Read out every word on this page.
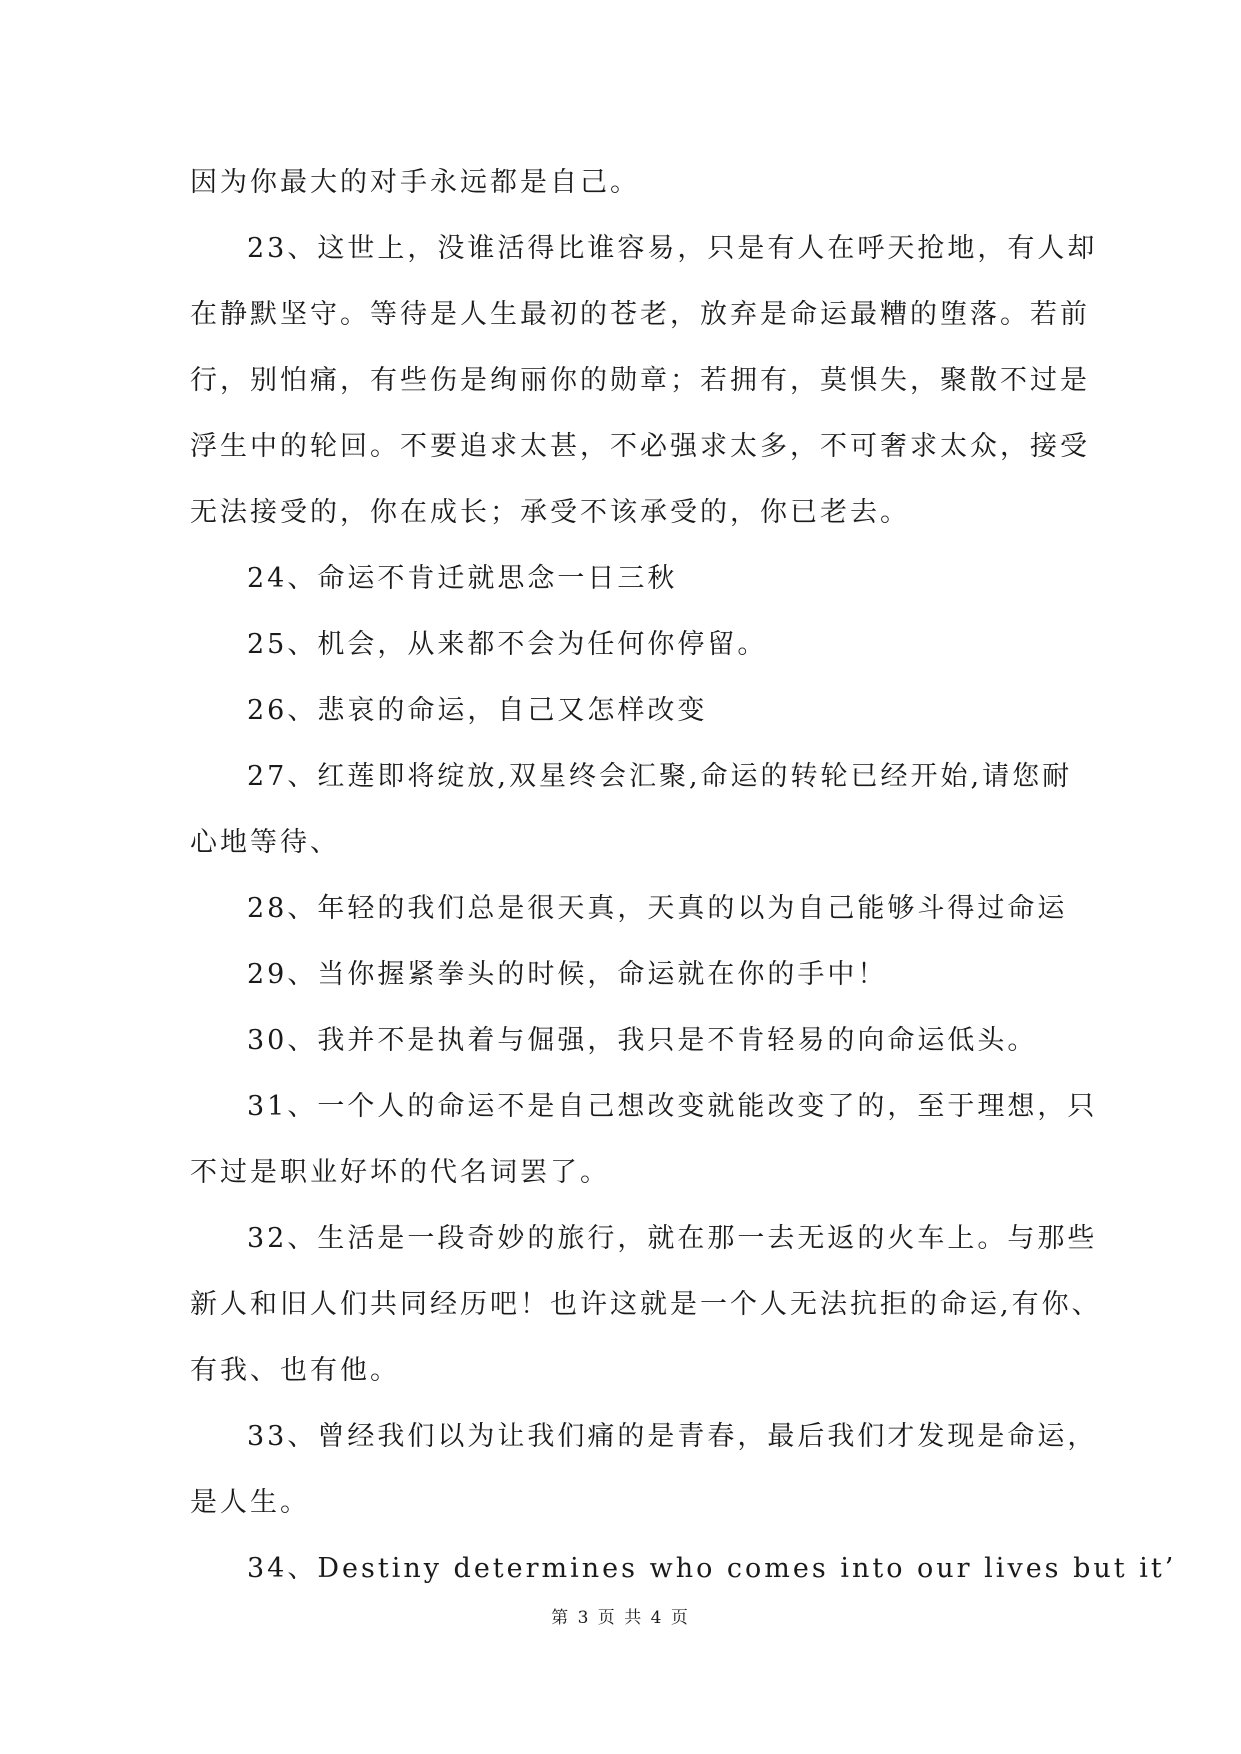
因为你最大的对手永远都是自己。
23、这世上，没谁活得比谁容易，只是有人在呼天抢地，有人却
在静默坚守。等待是人生最初的苍老，放弃是命运最糟的堕落。若前
行，别怕痛，有些伤是绚丽你的勋章；若拥有，莫惧失，聚散不过是
浮生中的轮回。不要追求太甚，不必强求太多，不可奢求太众，接受
无法接受的，你在成长；承受不该承受的，你已老去。
24、命运不肯迁就思念一日三秋
25、机会，从来都不会为任何你停留。
26、悲哀的命运，自己又怎样改变
27、红莲即将绽放,双星终会汇聚,命运的转轮已经开始,请您耐
心地等待、
28、年轻的我们总是很天真，天真的以为自己能够斗得过命运
29、当你握紧拳头的时候，命运就在你的手中！
30、我并不是执着与倔强，我只是不肯轻易的向命运低头。
31、一个人的命运不是自己想改变就能改变了的，至于理想，只
不过是职业好坏的代名词罢了。
32、生活是一段奇妙的旅行，就在那一去无返的火车上。与那些
新人和旧人们共同经历吧！也许这就是一个人无法抗拒的命运,有你、
有我、也有他。
33、曾经我们以为让我们痛的是青春，最后我们才发现是命运，
是人生。
34、Destiny determines who comes into our lives but it’
第 3 页 共 4 页
